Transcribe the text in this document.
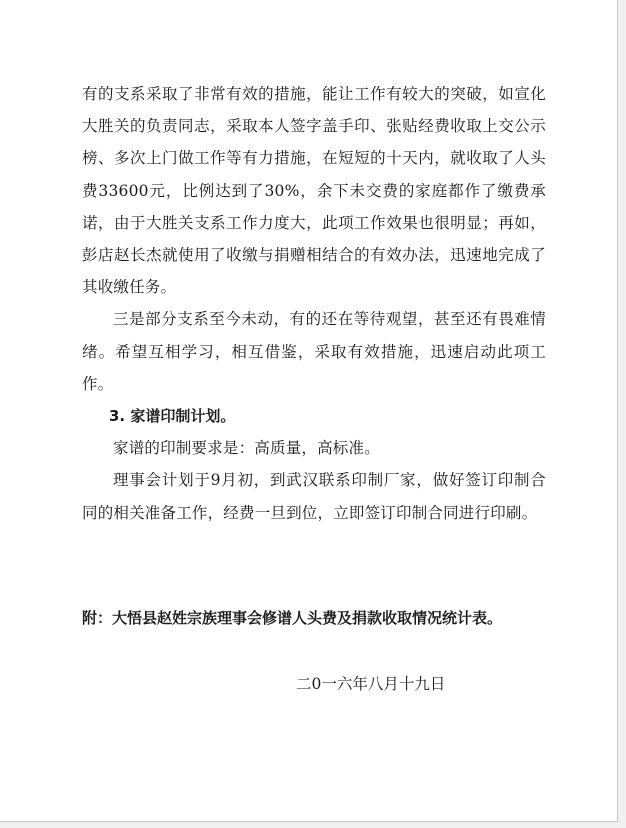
有的支系采取了非常有效的措施，能让工作有较大的突破，如宣化大胜关的负责同志，采取本人签字盖手印、张贴经费收取上交公示榜、多次上门做工作等有力措施，在短短的十天内，就收取了人头费33600元，比例达到了30%，余下未交费的家庭都作了缴费承诺，由于大胜关支系工作力度大，此项工作效果也很明显；再如，彭店赵长杰就使用了收缴与捐赠相结合的有效办法，迅速地完成了其收缴任务。

三是部分支系至今未动，有的还在等待观望，甚至还有畏难情绪。希望互相学习，相互借鉴，采取有效措施，迅速启动此项工作。

3. 家谱印制计划。

家谱的印制要求是：高质量，高标准。

理事会计划于9月初，到武汉联系印制厂家，做好签订印制合同的相关准备工作，经费一旦到位，立即签订印制合同进行印刷。

附：大悟县赵姓宗族理事会修谱人头费及捐款收取情况统计表。

二0一六年八月十九日
